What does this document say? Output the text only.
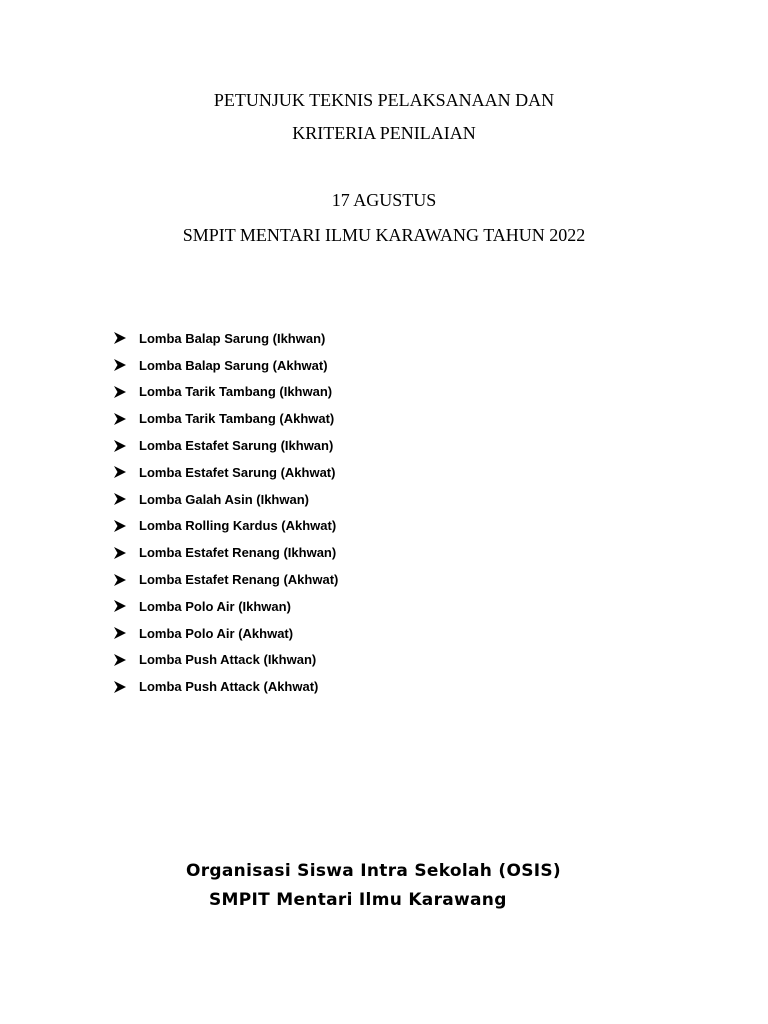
PETUNJUK TEKNIS PELAKSANAAN DAN
KRITERIA PENILAIAN
17 AGUSTUS
SMPIT MENTARI ILMU KARAWANG TAHUN 2022
Lomba Balap Sarung (Ikhwan)
Lomba Balap Sarung (Akhwat)
Lomba Tarik Tambang (Ikhwan)
Lomba Tarik Tambang (Akhwat)
Lomba Estafet Sarung (Ikhwan)
Lomba Estafet Sarung (Akhwat)
Lomba Galah Asin (Ikhwan)
Lomba Rolling Kardus (Akhwat)
Lomba Estafet Renang (Ikhwan)
Lomba Estafet Renang (Akhwat)
Lomba Polo Air (Ikhwan)
Lomba Polo Air (Akhwat)
Lomba Push Attack (Ikhwan)
Lomba Push Attack (Akhwat)
Organisasi Siswa Intra Sekolah (OSIS)
SMPIT Mentari Ilmu Karawang
